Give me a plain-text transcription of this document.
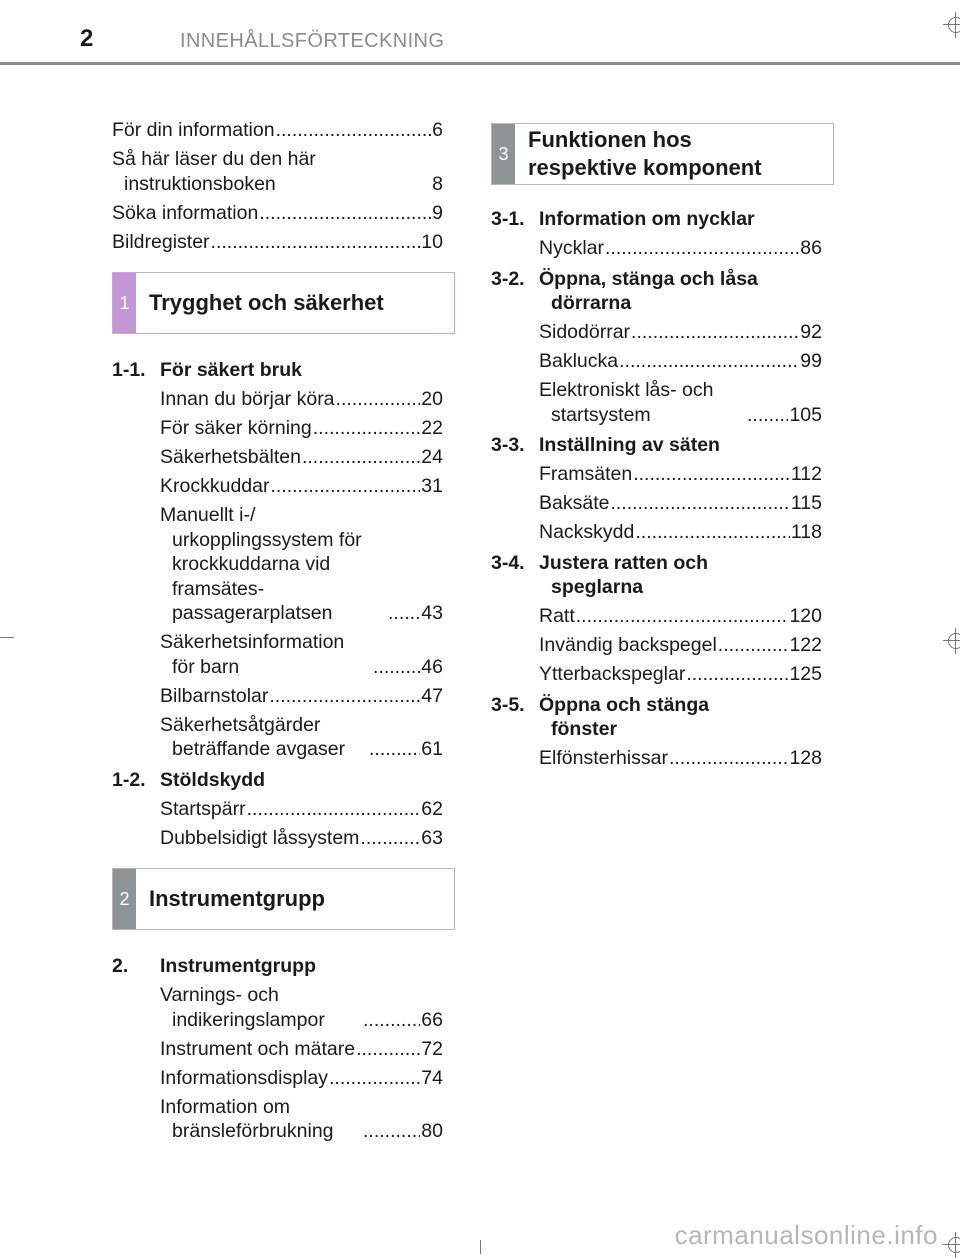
2	INNEHÅLLSFÖRTECKNING
För din information .....	6
Så här läser du den här instruktionsboken	8
Söka information .....	9
Bildregister .....	10
1 Trygghet och säkerhet
1-1. För säkert bruk
Innan du börjar köra .....	20
För säker körning .....	22
Säkerhetsbälten .....	24
Krockkuddar .....	31
Manuellt i-/ urkopplingssystem för krockkuddarna vid framsätes- passagerarplatsen .....	43
Säkerhetsinformation för barn .....	46
Bilbarnstolar .....	47
Säkerhetsåtgärder beträffande avgaser .....	61
1-2. Stöldskydd
Startspärr .....	62
Dubbelsidigt låssystem .....	63
2 Instrumentgrupp
2.	Instrumentgrupp
Varnings- och indikeringslampor .....	66
Instrument och mätare .....	72
Informationsdisplay .....	74
Information om bränsleförbrukning .....	80
3
Funktionen hos
respektive komponent
3-1. Information om nycklar
Nycklar .....	86
3-2. Öppna, stänga och låsa dörrarna
Sidodörrar .....	92
Baklucka .....	99
Elektroniskt lås- och startsystem .....	105
3-3. Inställning av säten
Framsäten .....	112
Baksäte .....	115
Nackskydd .....	118
3-4. Justera ratten och speglarna
Ratt .....	120
Invändig backspegel .....	122
Ytterbackspeglar .....	125
3-5. Öppna och stänga fönster
Elfönsterhissar .....	128
carmanualsonline.info
